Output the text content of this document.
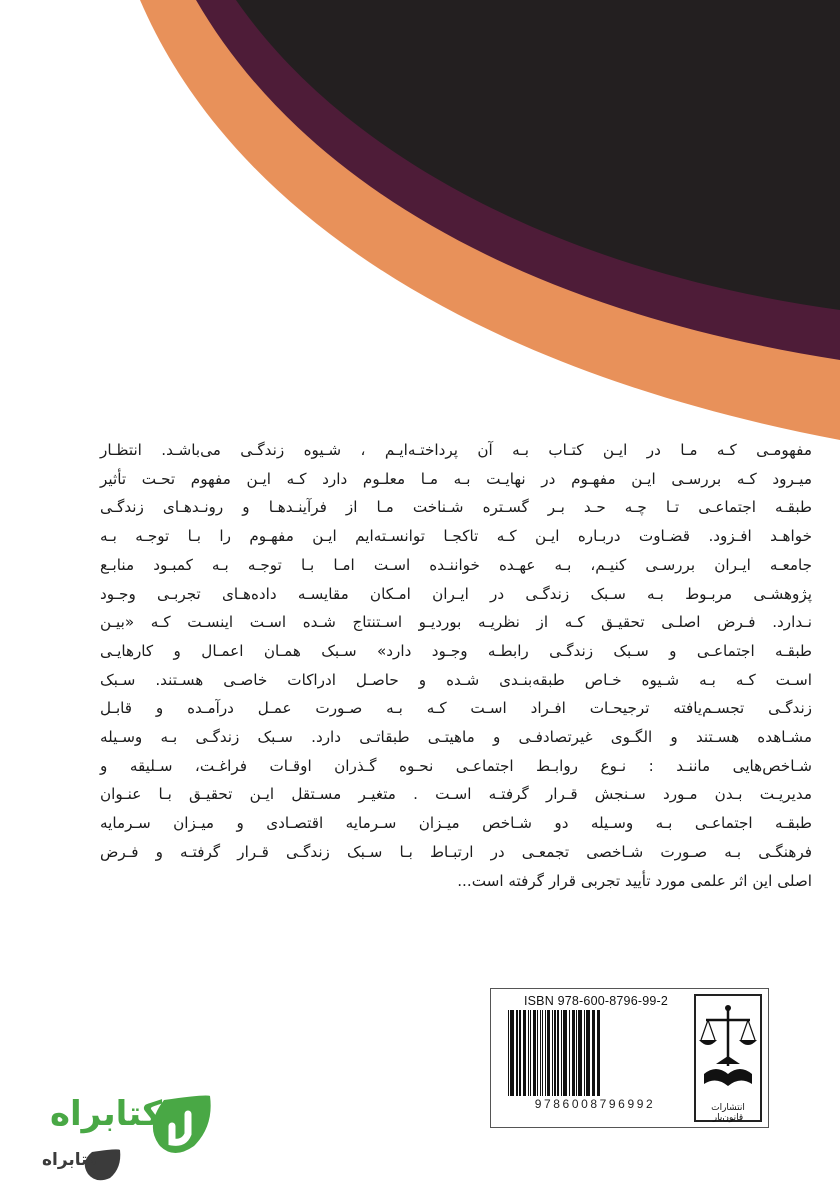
مفهومـی کـه مـا در ایـن کتـاب بـه آن پرداختـه‌ایـم ، شـیوه زندگـی می‌باشـد. انتظـار
میـرود کـه بررسـی ایـن مفهـوم در نهایـت بـه مـا معلـوم دارد کـه ایـن مفهوم تحـت تأثیر
طبقـه اجتماعـی تـا چـه حـد بـر گسـتره شـناخت مـا از فرآینـدهـا و رونـدهـای زندگـی
خواهـد افـزود. قضـاوت دربـاره ایـن کـه تاکجـا توانسـته‌ایم ایـن مفهـوم را بـا توجـه بـه
جامعـه ایـران بررسـی کنیـم، بـه عهـده خواننـده اسـت امـا بـا توجـه بـه کمبـود منابـع
پژوهشـی مربـوط بـه سـبک زندگـی در ایـران امـکان مقایسـه داده‌هـای تجربـی وجـود
نـدارد. فـرض اصلـی تحقیـق کـه از نظریـه بوردیـو اسـتنتاج شـده اسـت اینسـت کـه «بیـن
طبقـه اجتماعـی و سـبک زندگـی رابطـه وجـود دارد» سـبک همـان اعمـال و کارهایـی
اسـت کـه بـه شـیوه خـاص طبقه‌بنـدی شـده و حاصـل ادراکات خاصـی هسـتند. سـبک
زندگـی تجسـم‌یافته ترجیحـات افـراد اسـت کـه بـه صـورت عمـل درآمـده و قابـل
مشـاهده هسـتند و الگـوی غیرتصادفـی و ماهیتـی طبقاتـی دارد. سـبک زندگـی بـه وسـیله
شـاخص‌هایی ماننـد : نـوع روابـط اجتماعـی نحـوه گـذران اوقـات فراغـت، سـلیقه و
مدیریـت بـدن مـورد سـنجش قـرار گرفتـه اسـت . متغیـر مسـتقل ایـن تحقیـق بـا عنـوان
طبقـه اجتماعـی بـه وسـیله دو شـاخص میـزان سـرمایه اقتصـادی و میـزان سـرمایه
فرهنگـی بـه صـورت شـاخصی تجمعـی در ارتبـاط بـا سـبک زندگـی قـرار گرفتـه و فـرض
اصلی این اثر علمی مورد تأیید تجربی قرار گرفته است...
ISBN 978-600-8796-99-2
9786008796992	انتشارات قانون‌یار
کتابراه
کتابراه
